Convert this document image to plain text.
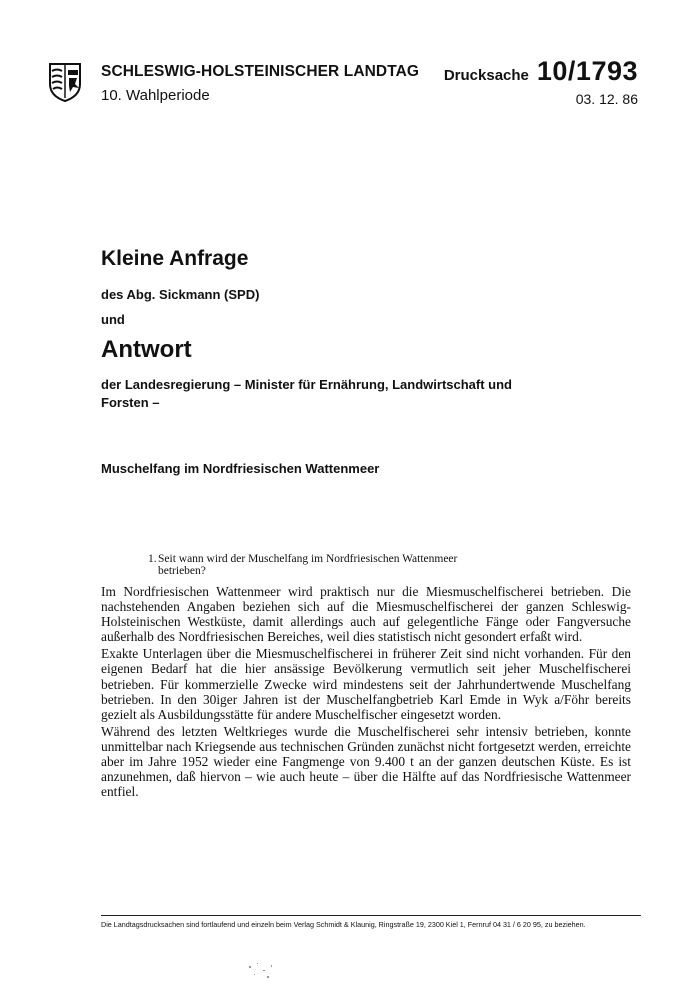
SCHLESWIG-HOLSTEINISCHER LANDTAG
10. Wahlperiode
Drucksache 10/1793
03. 12. 86
Kleine Anfrage
des Abg. Sickmann (SPD)
und
Antwort
der Landesregierung – Minister für Ernährung, Landwirtschaft und Forsten –
Muschelfang im Nordfriesischen Wattenmeer
1. Seit wann wird der Muschelfang im Nordfriesischen Wattenmeer betrieben?

Im Nordfriesischen Wattenmeer wird praktisch nur die Miesmuschelfischerei betrieben. Die nachstehenden Angaben beziehen sich auf die Miesmuschelfischerei der ganzen Schleswig-Holsteinischen Westküste, damit allerdings auch auf gelegentliche Fänge oder Fangversuche außerhalb des Nordfriesischen Bereiches, weil dies statistisch nicht gesondert erfaßt wird.

Exakte Unterlagen über die Miesmuschelfischerei in früherer Zeit sind nicht vorhanden. Für den eigenen Bedarf hat die hier ansässige Bevölkerung vermutlich seit jeher Muschelfischerei betrieben. Für kommerzielle Zwecke wird mindestens seit der Jahrhundertwende Muschelfang betrieben. In den 30iger Jahren ist der Muschelfangbetrieb Karl Emde in Wyk a/Föhr bereits gezielt als Ausbildungsstätte für andere Muschelfischer eingesetzt worden.

Während des letzten Weltkrieges wurde die Muschelfischerei sehr intensiv betrieben, konnte unmittelbar nach Kriegsende aus technischen Gründen zunächst nicht fortgesetzt werden, erreichte aber im Jahre 1952 wieder eine Fangmenge von 9.400 t an der ganzen deutschen Küste. Es ist anzunehmen, daß hiervon – wie auch heute – über die Hälfte auf das Nordfriesische Wattenmeer entfiel.

Die Landtagsdrucksachen sind fortlaufend und einzeln beim Verlag Schmidt & Klaunig, Ringstraße 19, 2300 Kiel 1, Fernruf 04 31 / 6 20 95, zu beziehen.
